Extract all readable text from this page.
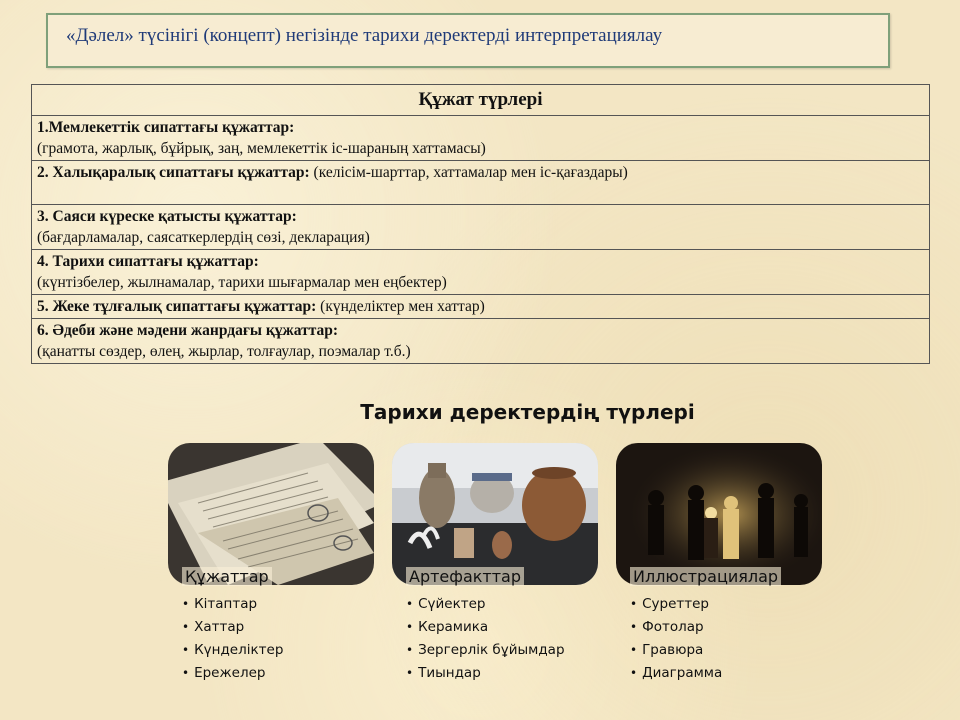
«Дәлел» түсінігі (концепт) негізінде тарихи деректерді интерпретациялау
Құжат түрлері
1.Мемлекеттік сипаттағы құжаттар:
(грамота, жарлық, бұйрық, заң, мемлекеттік іс-шараның хаттамасы)
2. Халықаралық сипаттағы құжаттар: (келісім-шарттар, хаттамалар мен іс-қағаздары)
3. Саяси күреске қатысты құжаттар:
(бағдарламалар, саясаткерлердің сөзі, декларация)
4. Тарихи сипаттағы құжаттар:
(күнтізбелер, жылнамалар, тарихи шығармалар мен еңбектер)
5. Жеке тұлғалық сипаттағы құжаттар: (күнделіктер мен хаттар)
6. Әдеби және мәдени жанрдағы құжаттар:
(қанатты сөздер, өлең, жырлар, толғаулар, поэмалар т.б.)
Тарихи деректердің түрлері
Құжаттар
• Кітаптар
• Хаттар
• Күнделіктер
• Ережелер
Артефакттар
• Сүйектер
• Керамика
• Зергерлік бұйымдар
• Тиындар
Иллюстрациялар
• Суреттер
• Фотолар
• Гравюра
• Диаграмма
